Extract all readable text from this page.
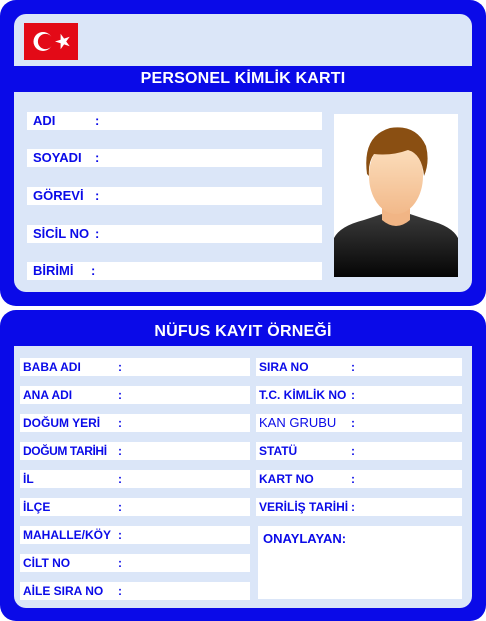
PERSONEL KİMLİK KARTI
ADI	:
SOYADI :
GÖREVİ :
SİCİL NO :
BİRİMİ :
NÜFUS KAYIT ÖRNEĞİ
BABA ADI	:
ANA ADI	:
DOĞUM YERİ :
DOĞUM TARİHİ :
İL	:
İLÇE	:
MAHALLE/KÖY :
CİLT NO	:
AİLE SIRA NO :
SIRA NO	:
T.C. KİMLİK NO :
KAN GRUBU :
STATÜ	:
KART NO	:
VERİLİŞ TARİHİ :
ONAYLAYAN:
